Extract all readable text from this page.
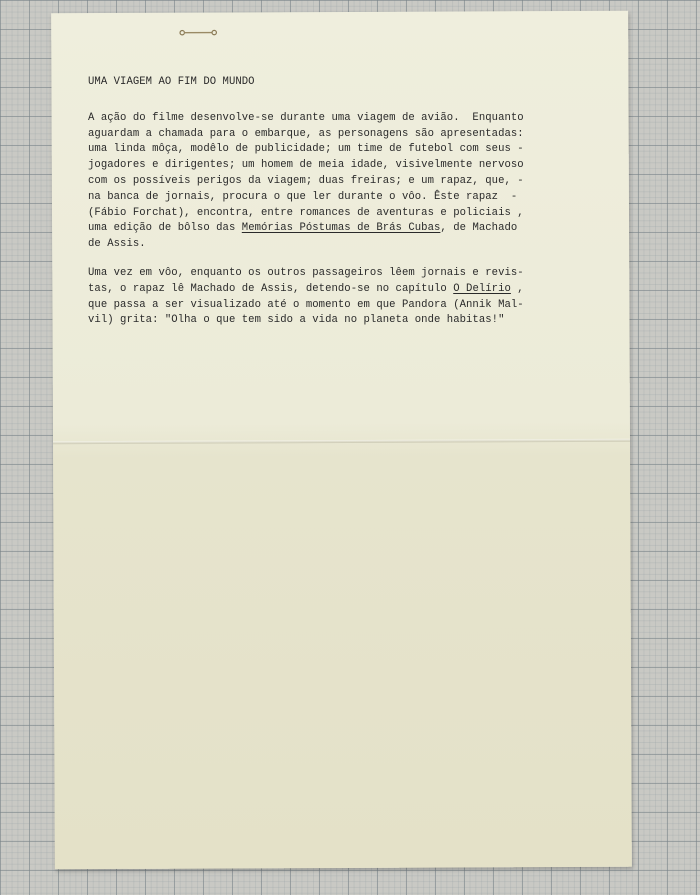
UMA VIAGEM AO FIM DO MUNDO
A ação do filme desenvolve-se durante uma viagem de avião.  Enquanto
aguardam a chamada para o embarque, as personagens são apresentadas:
uma linda môça, modêlo de publicidade; um time de futebol com seus -
jogadores e dirigentes; um homem de meia idade, visivelmente nervoso
com os possíveis perigos da viagem; duas freiras; e um rapaz, que, -
na banca de jornais, procura o que ler durante o vôo. Êste rapaz  -
(Fábio Forchat), encontra, entre romances de aventuras e policiais ,
uma edição de bôlso das Memórias Póstumas de Brás Cubas, de Machado
de Assis.
Uma vez em vôo, enquanto os outros passageiros lêem jornais e revis-
tas, o rapaz lê Machado de Assis, detendo-se no capítulo O Delírio ,
que passa a ser visualizado até o momento em que Pandora (Annik Mal-
vil) grita: "Olha o que tem sido a vida no planeta onde habitas!"
